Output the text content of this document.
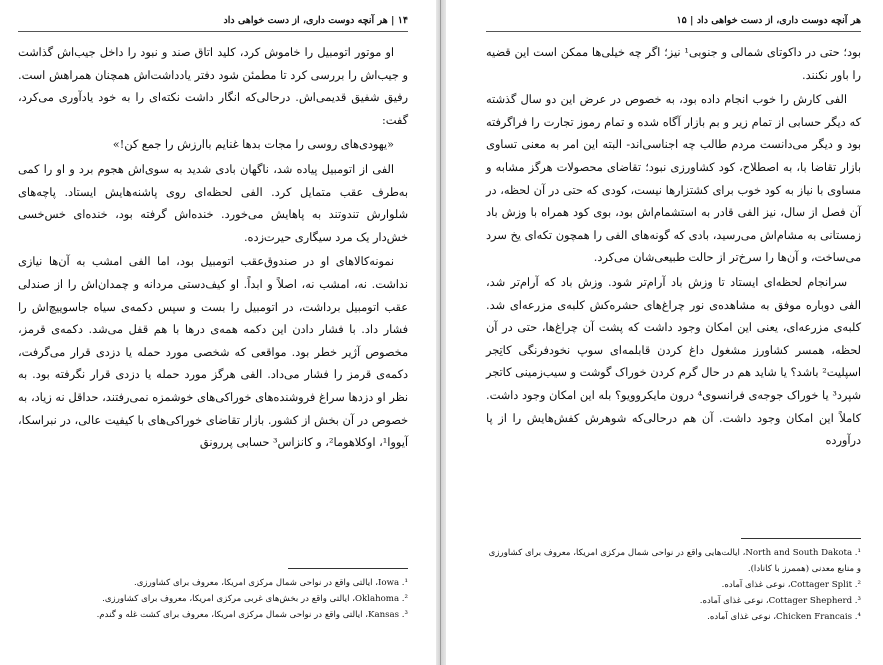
۱۴ | هر آنچه دوست داری، از دست خواهی داد

او موتور اتومبیل را خاموش کرد، کلید اتاق صند و نبود را داخل جیب‌اش گذاشت و جیب‌اش را بررسی کرد تا مطمئن شود دفتر یادداشت‌اش همچنان همراهش است. رفیق شفیق قدیمی‌اش. درحالی‌که انگار داشت نکته‌ای را به خود یادآوری می‌کرد، گفت:

«یهودی‌های روسی را مجات بدها غنایم باارزش را جمع کن!»

الفی از اتومبیل پیاده شد، ناگهان بادی شدید به سوی‌اش هجوم برد و او را کمی به‌طرف عقب متمایل کرد. الفی لحظه‌ای روی پاشنه‌هایش ایستاد. پاچه‌های شلوارش تندوتند به پاهایش می‌خورد. خنده‌اش گرفته بود، خنده‌ای خس‌خسی خش‌دار یک مرد سیگاری حیرت‌زده.

نمونه‌کالاهای او در صندوق‌عقب اتومبیل بود، اما الفی امشب به آن‌ها نیازی نداشت. نه، امشب نه، اصلاً و ابداً. او کیف‌دستی مردانه و چمدان‌اش را از صندلی عقب اتومبیل برداشت، در اتومبیل را بست و سپس دکمه‌ی سیاه جاسوییچ‌اش را فشار داد. با فشار دادن این دکمه همه‌ی درها با هم قفل می‌شد. دکمه‌ی قرمز، مخصوص آژیر خطر بود. مواقعی که شخصی مورد حمله یا دزدی قرار می‌گرفت، دکمه‌ی قرمز را فشار می‌داد. الفی هرگز مورد حمله یا دزدی قرار نگرفته بود. به نظر او دزدها سراغ فروشنده‌های خوراکی‌های خوشمزه نمی‌رفتند، حداقل نه زیاد، به خصوص در آن بخش از کشور. بازار تقاضای خوراکی‌های با کیفیت عالی، در نبراسکا، آیووا¹، اوکلاهوما²، و کانزاس³ حسابی پررونق

¹. Iowa، ایالتی واقع در نواحی شمال مرکزی امریکا، معروف برای کشاورزی.
². Oklahoma، ایالتی واقع در بخش‌های غربی مرکزی امریکا، معروف برای کشاورزی.
³. Kansas، ایالتی واقع در نواحی شمال مرکزی امریکا، معروف برای کشت غله و گندم.
هر آنچه دوست داری، از دست خواهی داد | ۱۵

بود؛ حتی در داکوتای شمالی و جنوبی¹ نیز؛ اگر چه خیلی‌ها ممکن است این قضیه را باور نکنند.

الفی کارش را خوب انجام داده بود، به خصوص در عرض این دو سال گذشته که دیگر حسابی از تمام زیر و بم بازار آگاه شده و تمام رموز تجارت را فراگرفته بود و دیگر می‌دانست مردم طالب چه اجناسی‌اند- البته این امر به معنی تساوی بازار تقاضا با، به اصطلاح، کود کشاورزی نبود؛ تقاضای محصولات هرگز مشابه و مساوی با نیاز به کود خوب برای کشتزارها نیست، کودی که حتی در آن لحظه، در آن فصل از سال، نیز الفی قادر به استشمام‌اش بود، بوی کود همراه با وزش باد زمستانی به مشام‌اش می‌رسید، بادی که گونه‌های الفی را همچون تکه‌ای یخ سرد می‌ساخت، و آن‌ها را سرخ‌تر از حالت طبیعی‌شان می‌کرد.

سرانجام لحظه‌ای ایستاد تا وزش باد آرام‌تر شود. وزش باد که آرام‌تر شد، الفی دوباره موفق به مشاهده‌ی نور چراغ‌های حشره‌کش کلبه‌ی مزرعه‌ای شد. کلبه‌ی مزرعه‌ای، یعنی این امکان وجود داشت که پشت آن چراغ‌ها، حتی در آن لحظه، همسر کشاورز مشغول داغ کردن قابلمه‌ای سوپ نخودفرنگی کاتِجر اسپلیت² باشد؟ یا شاید هم در حال گرم کردن خوراک گوشت و سیب‌زمینی کاتجر شپرد³ یا خوراک جوجه‌ی فرانسوی⁴ درون مایکروویو؟ بله این امکان وجود داشت. کاملاً این امکان وجود داشت. آن هم درحالی‌که شوهرش کفش‌هایش را از پا درآورده

¹. North and South Dakota، ایالت‌هایی واقع در نواحی شمال مرکزی امریکا، معروف برای کشاورزی و منابع معدنی (هممرز با کانادا).
². Cottager Split، نوعی غذای آماده.
³. Cottager Shepherd، نوعی غذای آماده.
⁴. Chicken Francais، نوعی غذای آماده.
